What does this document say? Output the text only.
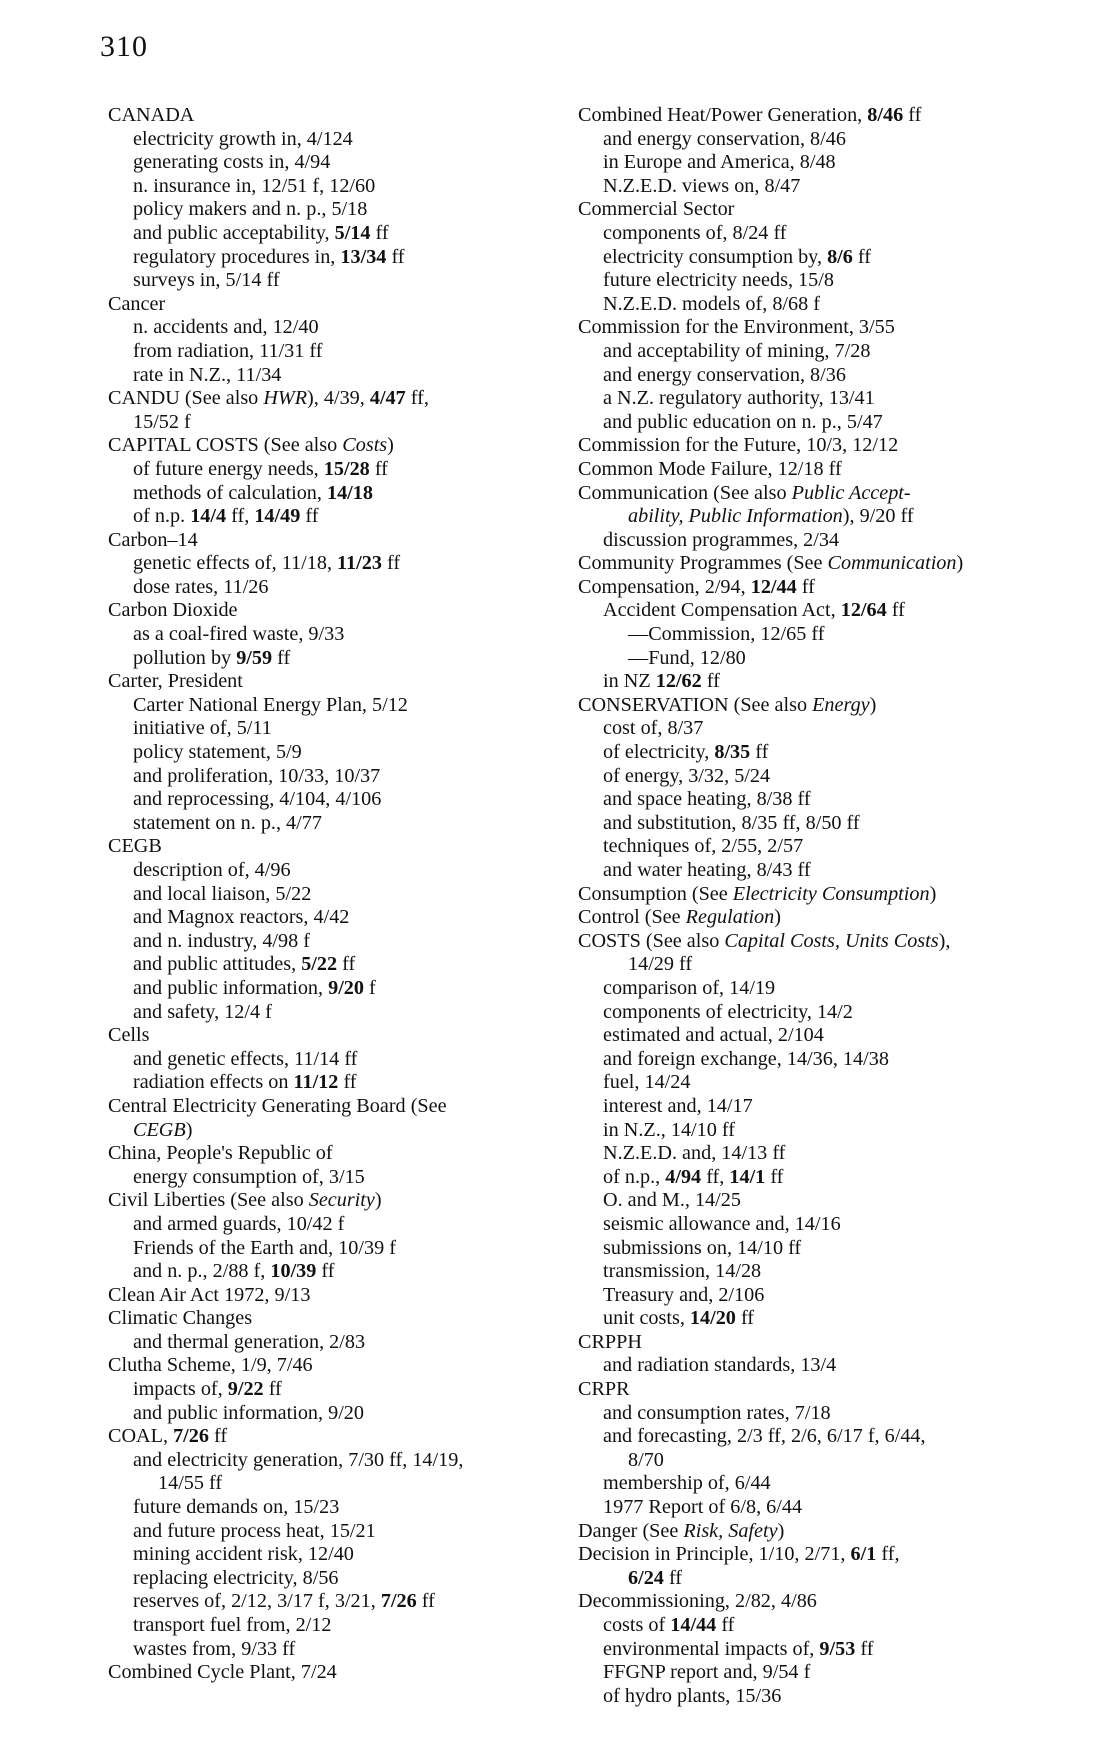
310
CANADA
electricity growth in, 4/124
generating costs in, 4/94
n. insurance in, 12/51 f, 12/60
policy makers and n. p., 5/18
and public acceptability, 5/14 ff
regulatory procedures in, 13/34 ff
surveys in, 5/14 ff
Cancer
n. accidents and, 12/40
from radiation, 11/31 ff
rate in N.Z., 11/34
CANDU (See also HWR), 4/39, 4/47 ff,
15/52 f
CAPITAL COSTS (See also Costs)
of future energy needs, 15/28 ff
methods of calculation, 14/18
of n.p. 14/4 ff, 14/49 ff
Carbon–14
genetic effects of, 11/18, 11/23 ff
dose rates, 11/26
Carbon Dioxide
as a coal-fired waste, 9/33
pollution by 9/59 ff
Carter, President
Carter National Energy Plan, 5/12
initiative of, 5/11
policy statement, 5/9
and proliferation, 10/33, 10/37
and reprocessing, 4/104, 4/106
statement on n. p., 4/77
CEGB
description of, 4/96
and local liaison, 5/22
and Magnox reactors, 4/42
and n. industry, 4/98 f
and public attitudes, 5/22 ff
and public information, 9/20 f
and safety, 12/4 f
Cells
and genetic effects, 11/14 ff
radiation effects on 11/12 ff
Central Electricity Generating Board (See
CEGB)
China, People's Republic of
energy consumption of, 3/15
Civil Liberties (See also Security)
and armed guards, 10/42 f
Friends of the Earth and, 10/39 f
and n. p., 2/88 f, 10/39 ff
Clean Air Act 1972, 9/13
Climatic Changes
and thermal generation, 2/83
Clutha Scheme, 1/9, 7/46
impacts of, 9/22 ff
and public information, 9/20
COAL, 7/26 ff
and electricity generation, 7/30 ff, 14/19,
14/55 ff
future demands on, 15/23
and future process heat, 15/21
mining accident risk, 12/40
replacing electricity, 8/56
reserves of, 2/12, 3/17 f, 3/21, 7/26 ff
transport fuel from, 2/12
wastes from, 9/33 ff
Combined Cycle Plant, 7/24
Combined Heat/Power Generation, 8/46 ff
and energy conservation, 8/46
in Europe and America, 8/48
N.Z.E.D. views on, 8/47
Commercial Sector
components of, 8/24 ff
electricity consumption by, 8/6 ff
future electricity needs, 15/8
N.Z.E.D. models of, 8/68 f
Commission for the Environment, 3/55
and acceptability of mining, 7/28
and energy conservation, 8/36
a N.Z. regulatory authority, 13/41
and public education on n. p., 5/47
Commission for the Future, 10/3, 12/12
Common Mode Failure, 12/18 ff
Communication (See also Public Accept-
ability, Public Information), 9/20 ff
discussion programmes, 2/34
Community Programmes (See Communication)
Compensation, 2/94, 12/44 ff
Accident Compensation Act, 12/64 ff
—Commission, 12/65 ff
—Fund, 12/80
in NZ 12/62 ff
CONSERVATION (See also Energy)
cost of, 8/37
of electricity, 8/35 ff
of energy, 3/32, 5/24
and space heating, 8/38 ff
and substitution, 8/35 ff, 8/50 ff
techniques of, 2/55, 2/57
and water heating, 8/43 ff
Consumption (See Electricity Consumption)
Control (See Regulation)
COSTS (See also Capital Costs, Units Costs),
14/29 ff
comparison of, 14/19
components of electricity, 14/2
estimated and actual, 2/104
and foreign exchange, 14/36, 14/38
fuel, 14/24
interest and, 14/17
in N.Z., 14/10 ff
N.Z.E.D. and, 14/13 ff
of n.p., 4/94 ff, 14/1 ff
O. and M., 14/25
seismic allowance and, 14/16
submissions on, 14/10 ff
transmission, 14/28
Treasury and, 2/106
unit costs, 14/20 ff
CRPPH
and radiation standards, 13/4
CRPR
and consumption rates, 7/18
and forecasting, 2/3 ff, 2/6, 6/17 f, 6/44,
8/70
membership of, 6/44
1977 Report of 6/8, 6/44
Danger (See Risk, Safety)
Decision in Principle, 1/10, 2/71, 6/1 ff,
6/24 ff
Decommissioning, 2/82, 4/86
costs of 14/44 ff
environmental impacts of, 9/53 ff
FFGNP report and, 9/54 f
of hydro plants, 15/36
